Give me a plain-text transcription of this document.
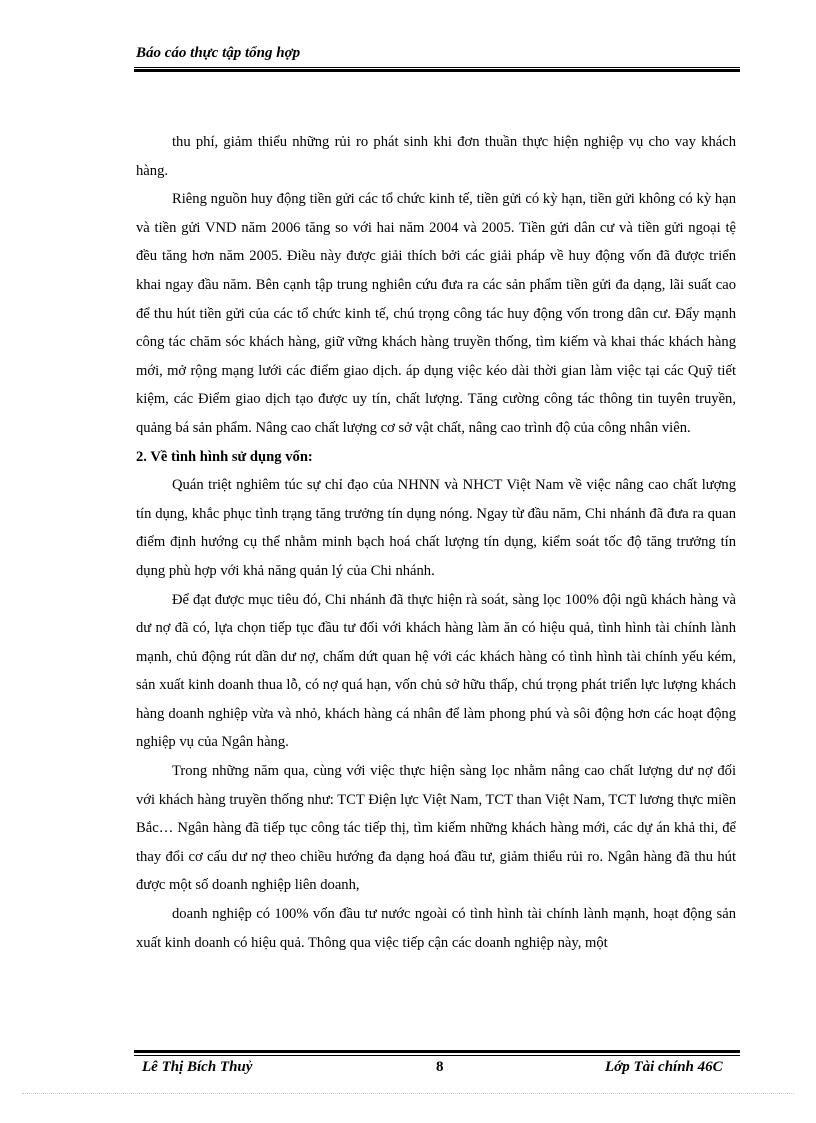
Báo cáo thực tập tổng hợp

thu phí, giảm thiểu những rủi ro phát sinh khi đơn thuần thực hiện nghiệp vụ cho vay khách hàng.

Riêng nguồn huy động tiền gửi các tổ chức kinh tế, tiền gửi có kỳ hạn, tiền gửi không có kỳ hạn và tiền gửi VND năm 2006 tăng so với hai năm 2004 và 2005. Tiền gửi dân cư và tiền gửi ngoại tệ đều tăng hơn năm 2005. Điều này được giải thích bởi các giải pháp về huy động vốn đã được triển khai ngay đầu năm. Bên cạnh tập trung nghiên cứu đưa ra các sản phẩm tiền gửi đa dạng, lãi suất cao để thu hút tiền gửi của các tổ chức kinh tế, chú trọng công tác huy động vốn trong dân cư. Đẩy mạnh công tác chăm sóc khách hàng, giữ vững khách hàng truyền thống, tìm kiếm và khai thác khách hàng mới, mở rộng mạng lưới các điểm giao dịch. áp dụng việc kéo dài thời gian làm việc tại các Quỹ tiết kiệm, các Điểm giao dịch tạo được uy tín, chất lượng. Tăng cường công tác thông tin tuyên truyền, quảng bá sản phẩm. Nâng cao chất lượng cơ sở vật chất, nâng cao trình độ của công nhân viên.

2. Về tình hình sử dụng vốn:

Quán triệt nghiêm túc sự chỉ đạo của NHNN và NHCT Việt Nam về việc nâng cao chất lượng tín dụng, khắc phục tình trạng tăng trưởng tín dụng nóng. Ngay từ đầu năm, Chi nhánh đã đưa ra quan điểm định hướng cụ thể nhằm minh bạch hoá chất lượng tín dụng, kiểm soát tốc độ tăng trưởng tín dụng phù hợp với khả năng quản lý của Chi nhánh.

Để đạt được mục tiêu đó, Chi nhánh đã thực hiện rà soát, sàng lọc 100% đội ngũ khách hàng và dư nợ đã có, lựa chọn tiếp tục đầu tư đối với khách hàng làm ăn có hiệu quả, tình hình tài chính lành mạnh, chủ động rút dần dư nợ, chấm dứt quan hệ với các khách hàng có tình hình tài chính yếu kém, sản xuất kinh doanh thua lỗ, có nợ quá hạn, vốn chủ sở hữu thấp, chú trọng phát triển lực lượng khách hàng doanh nghiệp vừa và nhỏ, khách hàng cá nhân để làm phong phú và sôi động hơn các hoạt động nghiệp vụ của Ngân hàng.

Trong những năm qua, cùng với việc thực hiện sàng lọc nhằm nâng cao chất lượng dư nợ đối với khách hàng truyền thống như: TCT Điện lực Việt Nam, TCT than Việt Nam, TCT lương thực miền Bắc… Ngân hàng đã tiếp tục công tác tiếp thị, tìm kiếm những khách hàng mới, các dự án khả thi, để thay đổi cơ cấu dư nợ theo chiều hướng đa dạng hoá đầu tư, giảm thiểu rủi ro. Ngân hàng đã thu hút được một số doanh nghiệp liên doanh,

doanh nghiệp có 100% vốn đầu tư nước ngoài có tình hình tài chính lành mạnh, hoạt động sản xuất kinh doanh có hiệu quả. Thông qua việc tiếp cận các doanh nghiệp này, một

Lê Thị Bích Thuỷ	8	Lớp Tài chính 46C
